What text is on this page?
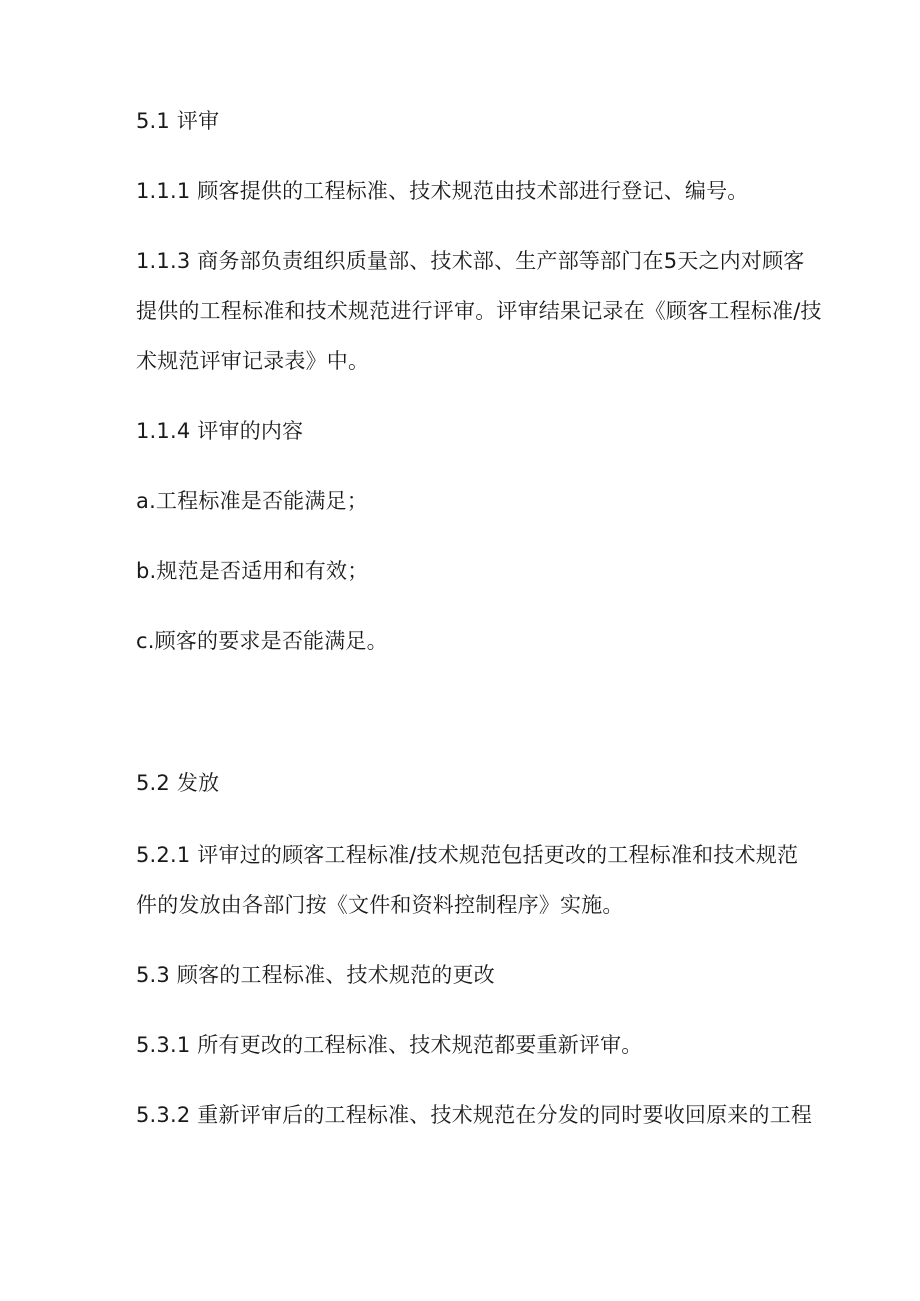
5.1 评审
1.1.1 顾客提供的工程标准、技术规范由技术部进行登记、编号。
1.1.3 商务部负责组织质量部、技术部、生产部等部门在5天之内对顾客
提供的工程标准和技术规范进行评审。评审结果记录在《顾客工程标准/技
术规范评审记录表》中。
1.1.4 评审的内容
a.工程标准是否能满足；
b.规范是否适用和有效；
c.顾客的要求是否能满足。
5.2 发放
5.2.1 评审过的顾客工程标准/技术规范包括更改的工程标准和技术规范
件的发放由各部门按《文件和资料控制程序》实施。
5.3 顾客的工程标准、技术规范的更改
5.3.1 所有更改的工程标准、技术规范都要重新评审。
5.3.2 重新评审后的工程标准、技术规范在分发的同时要收回原来的工程
